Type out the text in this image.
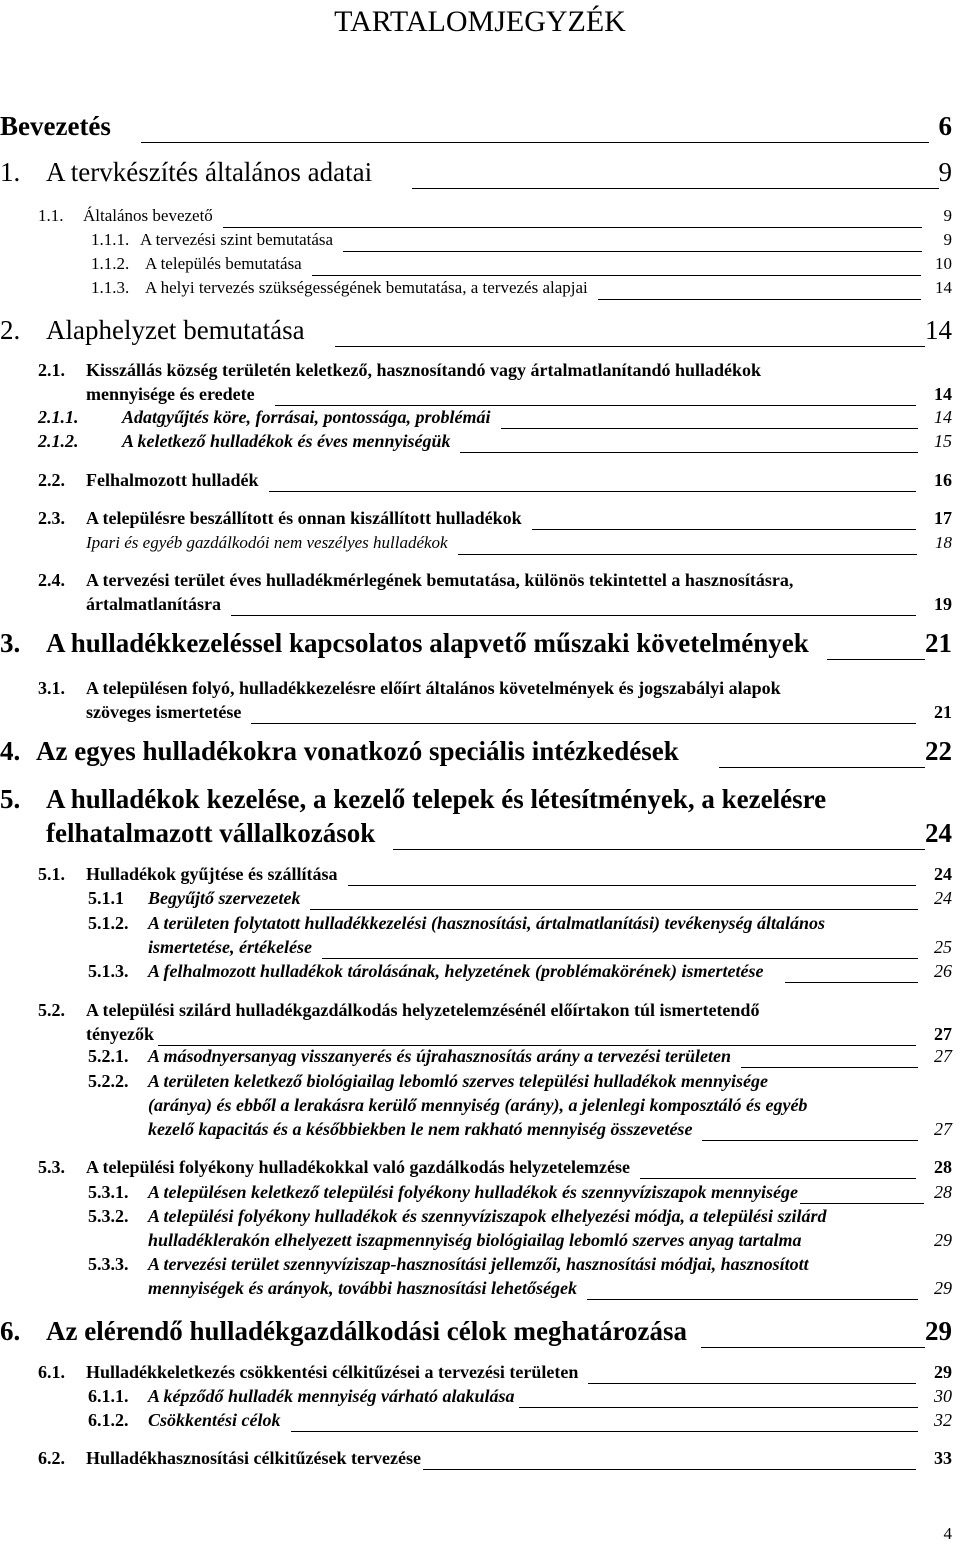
TARTALOMJEGYZÉK
Bevezetés	6
1. A tervkészítés általános adatai	9
1.1.	Általános bevezető	9
1.1.1. A tervezési szint bemutatása	9
1.1.2. A település bemutatása	10
1.1.3. A helyi tervezés szükségességének bemutatása, a tervezés alapjai	14
2. Alaphelyzet bemutatása	14
2.1.	Kisszállás község területén keletkező, hasznosítandó vagy ártalmatlanítandó hulladékok
mennyisége és eredete	14
2.1.1.	Adatgyűjtés köre, forrásai, pontossága, problémái	14
2.1.2.	A keletkező hulladékok és éves mennyiségük	15
2.2.	Felhalmozott hulladék	16
2.3.	A településre beszállított és onnan kiszállított hulladékok	17
Ipari és egyéb gazdálkodói nem veszélyes hulladékok	18
2.4.	A tervezési terület éves hulladékmérlegének bemutatása, különös tekintettel a hasznosításra,
ártalmatlanításra	19
3. A hulladékkezeléssel kapcsolatos alapvető műszaki követelmények	21
3.1.	A településen folyó, hulladékkezelésre előírt általános követelmények és jogszabályi alapok
szöveges ismertetése	21
4. Az egyes hulladékokra vonatkozó speciális intézkedések	22
5. A hulladékok kezelése, a kezelő telepek és létesítmények, a kezelésre
felhatalmazott vállalkozások	24
5.1.	Hulladékok gyűjtése és szállítása	24
5.1.1	Begyűjtő szervezetek	24
5.1.2.	A területen folytatott hulladékkezelési (hasznosítási, ártalmatlanítási) tevékenység általános
ismertetése, értékelése	25
5.1.3.	A felhalmozott hulladékok tárolásának, helyzetének (problémakörének) ismertetése	26
5.2.	A települési szilárd hulladékgazdálkodás helyzetelemzésénél előírtakon túl ismertetendő
tényezők	27
5.2.1.	A másodnyersanyag visszanyerés és újrahasznosítás arány a tervezési területen	27
5.2.2.	A területen keletkező biológiailag lebomló szerves települési hulladékok mennyisége
(aránya) és ebből a lerakásra kerülő mennyiség (arány), a jelenlegi komposztáló és egyéb
kezelő kapacitás és a későbbiekben le nem rakható mennyiség összevetése	27
5.3.	A települési folyékony hulladékokkal való gazdálkodás helyzetelemzése	28
5.3.1.	A településen keletkező települési folyékony hulladékok és szennyvíziszapok mennyisége	28
5.3.2.	A települési folyékony hulladékok és szennyvíziszapok elhelyezési módja, a települési szilárd
hulladéklerakón elhelyezett iszapmennyiség biológiailag lebomló szerves anyag tartalma	29
5.3.3.	A tervezési terület szennyvíziszap-hasznosítási jellemzői, hasznosítási módjai, hasznosított
mennyiségek és arányok, további hasznosítási lehetőségek	29
6. Az elérendő hulladékgazdálkodási célok meghatározása	29
6.1.	Hulladékkeletkezés csökkentési célkitűzései a tervezési területen	29
6.1.1.	A képződő hulladék mennyiség várható alakulása	30
6.1.2.	Csökkentési célok	32
6.2.	Hulladékhasznosítási célkitűzések tervezése	33
4
